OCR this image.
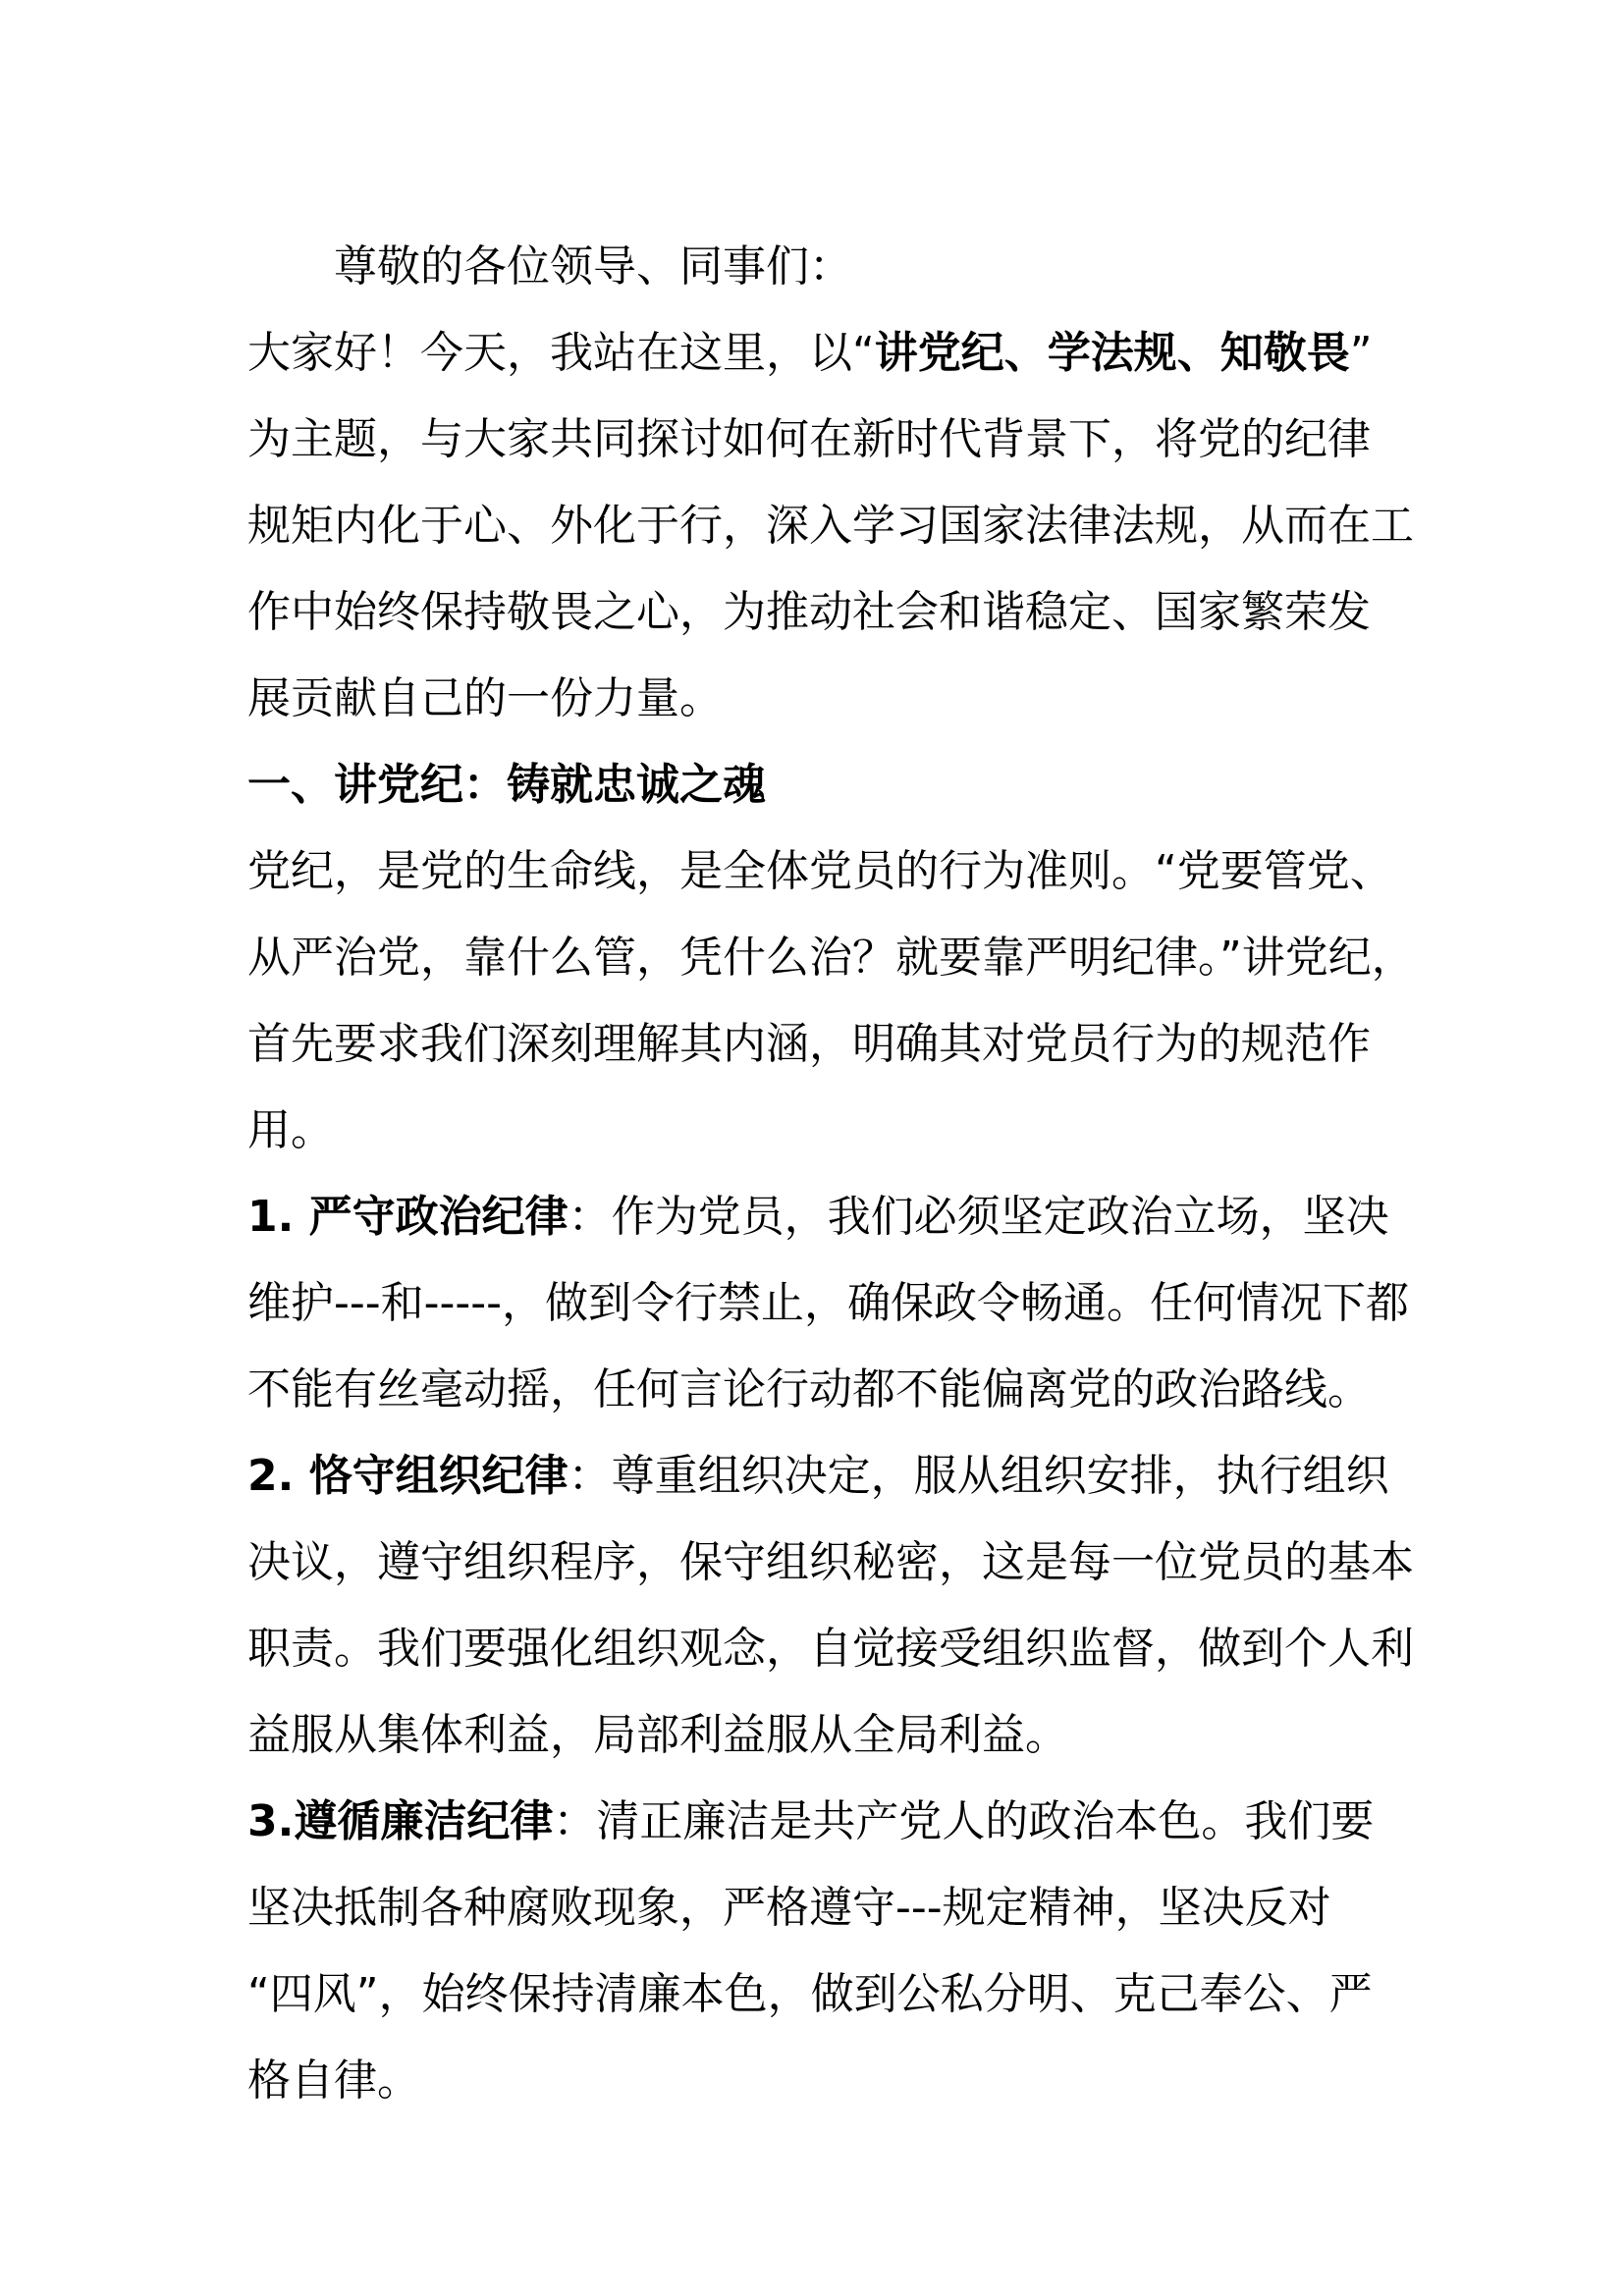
尊敬的各位领导、同事们：
大家好！今天，我站在这里，以“讲党纪、学法规、知敬畏”
为主题，与大家共同探讨如何在新时代背景下，将党的纪律
规矩内化于心、外化于行，深入学习国家法律法规，从而在工
作中始终保持敬畏之心，为推动社会和谐稳定、国家繁荣发
展贡献自己的一份力量。
一、讲党纪：铸就忠诚之魂
党纪，是党的生命线，是全体党员的行为准则。“党要管党、
从严治党，靠什么管，凭什么治？就要靠严明纪律。”讲党纪，
首先要求我们深刻理解其内涵，明确其对党员行为的规范作
用。
1. 严守政治纪律：作为党员，我们必须坚定政治立场，坚决
维护---和-----，做到令行禁止，确保政令畅通。任何情况下都
不能有丝毫动摇，任何言论行动都不能偏离党的政治路线。
2. 恪守组织纪律：尊重组织决定，服从组织安排，执行组织
决议，遵守组织程序，保守组织秘密，这是每一位党员的基本
职责。我们要强化组织观念，自觉接受组织监督，做到个人利
益服从集体利益，局部利益服从全局利益。
3.遵循廉洁纪律：清正廉洁是共产党人的政治本色。我们要
坚决抵制各种腐败现象，严格遵守---规定精神，坚决反对
“四风”，始终保持清廉本色，做到公私分明、克己奉公、严
格自律。
